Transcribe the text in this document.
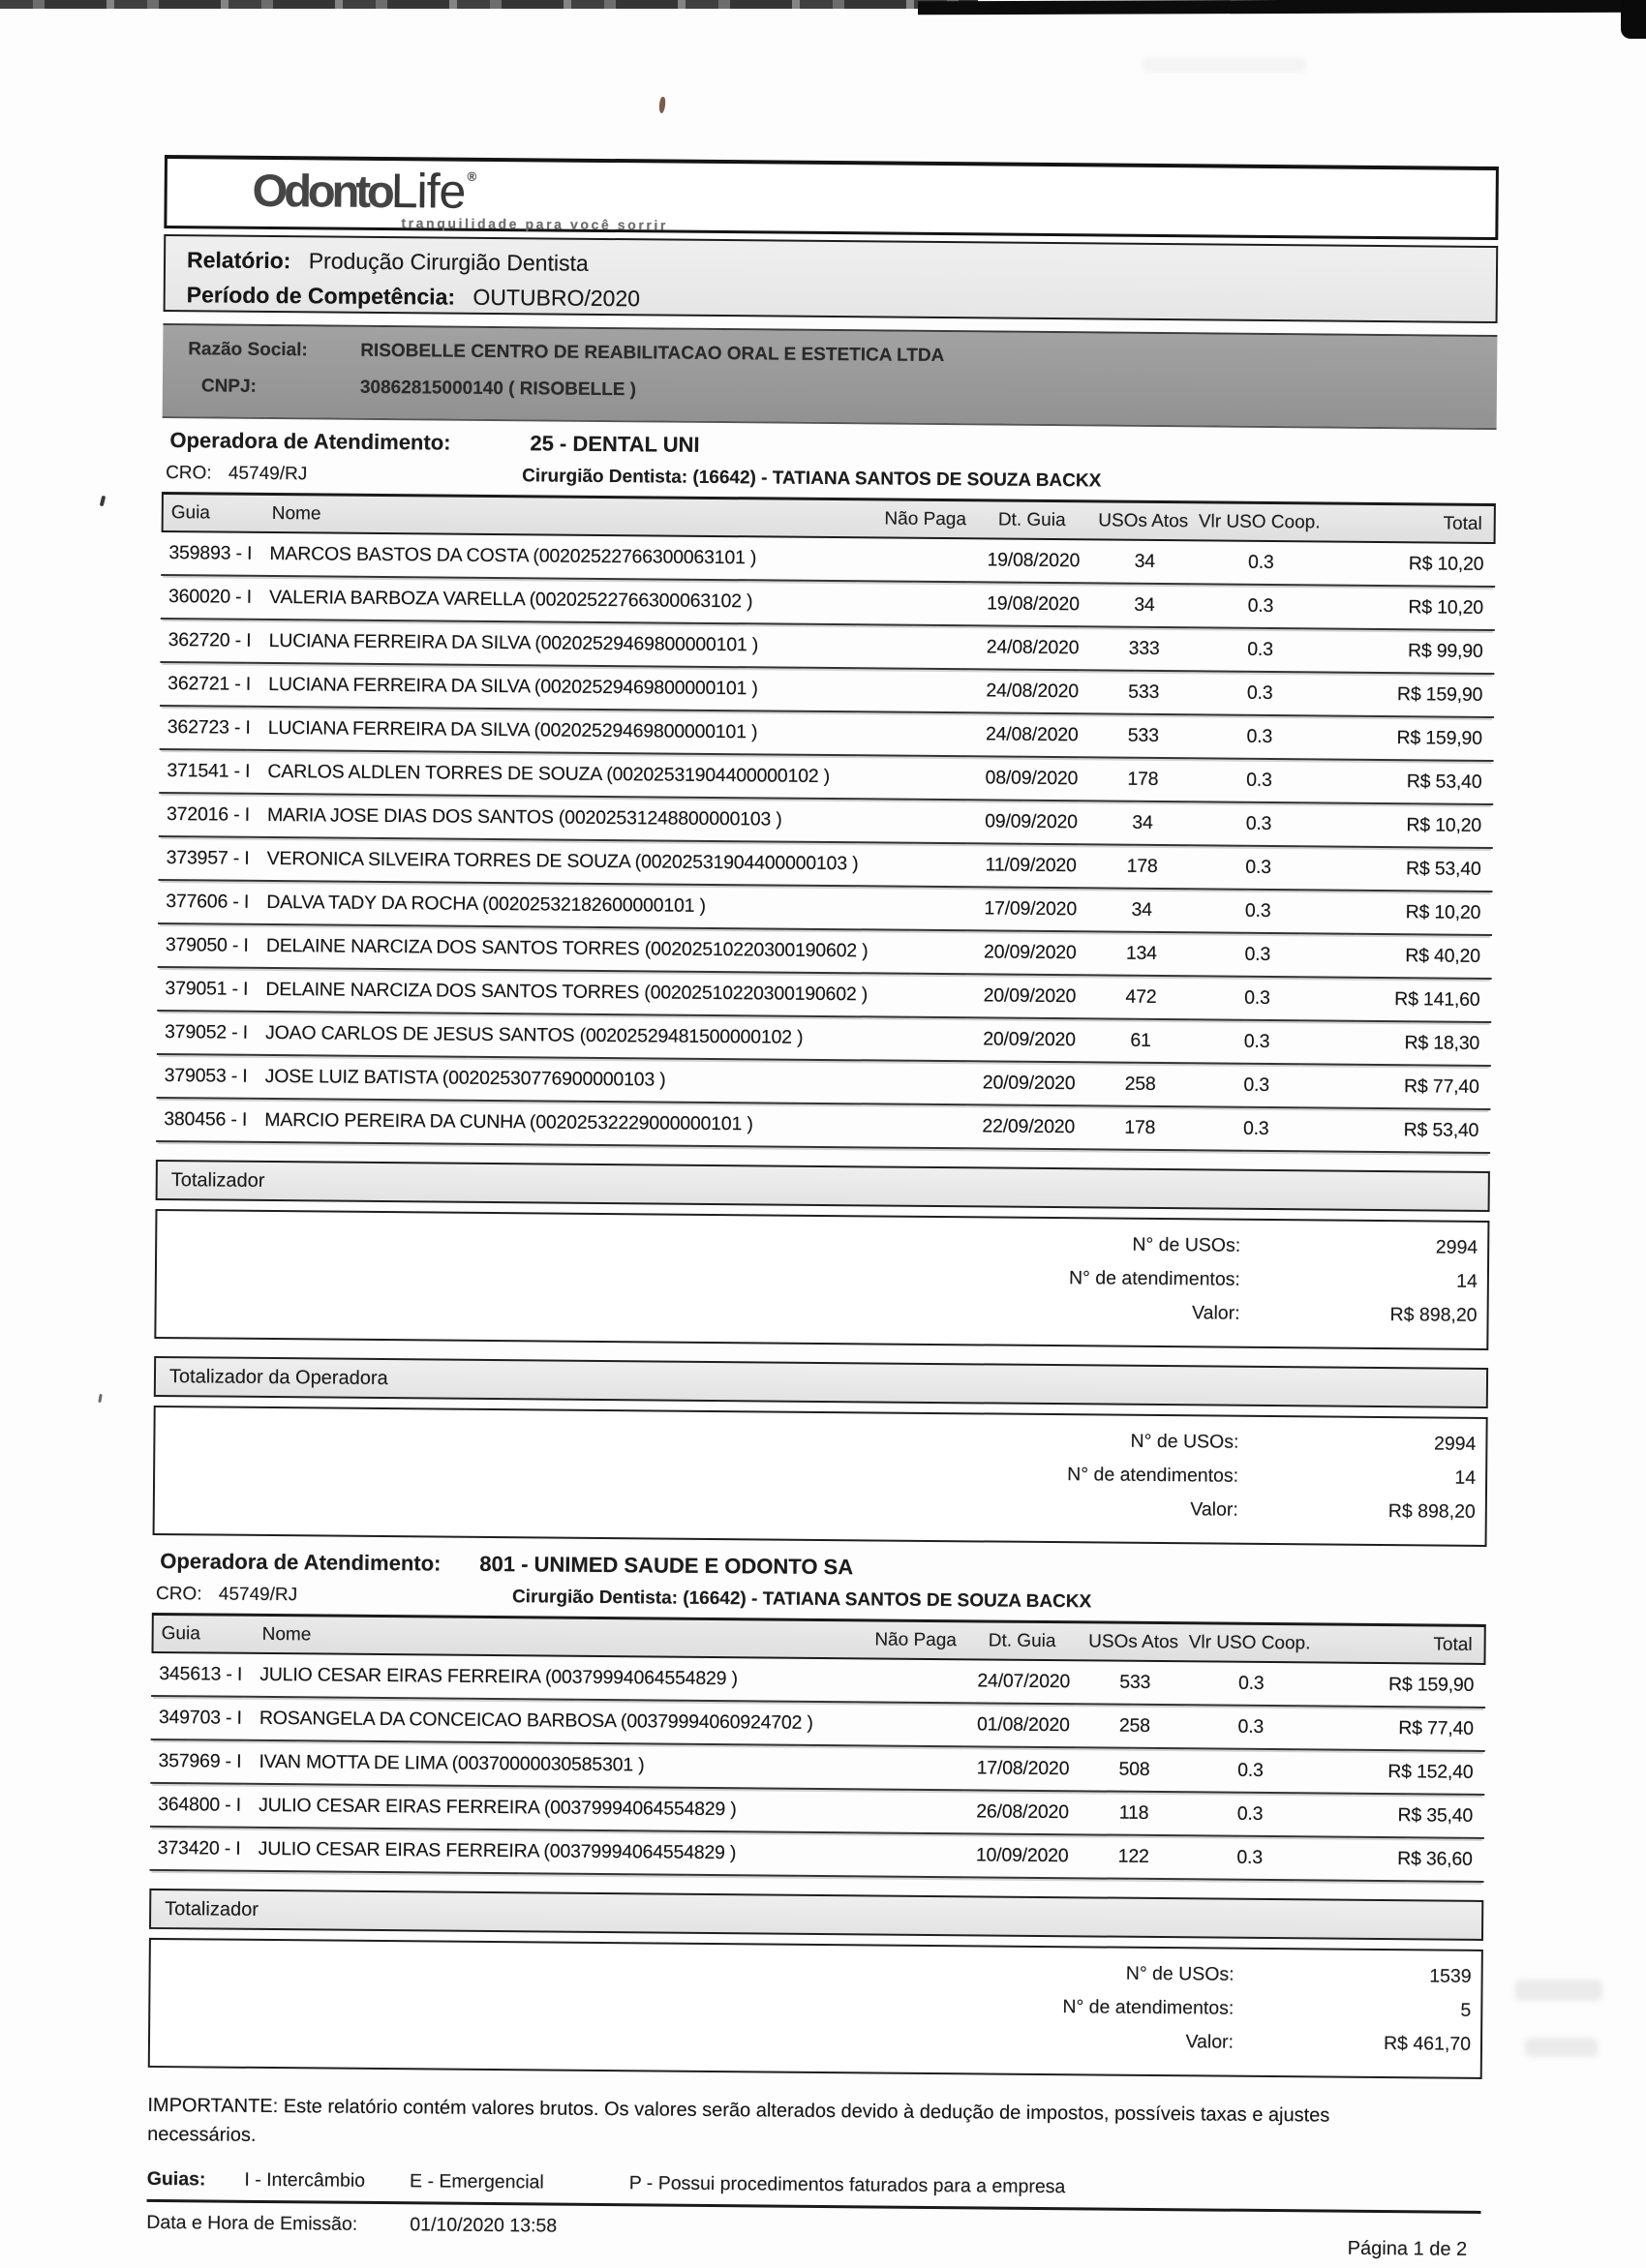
OdontoLife ®
tranquilidade para você sorrir
Relatório: Produção Cirurgião Dentista
Período de Competência: OUTUBRO/2020
Razão Social:	RISOBELLE CENTRO DE REABILITACAO ORAL E ESTETICA LTDA
CNPJ:	30862815000140 ( RISOBELLE )
Operadora de Atendimento:	25 - DENTAL UNI
CRO: 45749/RJ	Cirurgião Dentista: (16642) - TATIANA SANTOS DE SOUZA BACKX
Guia	Nome	Não Paga	Dt. Guia	USOs Atos Vlr USO Coop.	Total
359893 - I MARCOS BASTOS DA COSTA (00202522766300063101 )	19/08/2020	34	0.3	R$ 10,20
360020 - I VALERIA BARBOZA VARELLA (00202522766300063102 )	19/08/2020	34	0.3	R$ 10,20
362720 - I LUCIANA FERREIRA DA SILVA (00202529469800000101 )	24/08/2020	333	0.3	R$ 99,90
362721 - I LUCIANA FERREIRA DA SILVA (00202529469800000101 )	24/08/2020	533	0.3	R$ 159,90
362723 - I LUCIANA FERREIRA DA SILVA (00202529469800000101 )	24/08/2020	533	0.3	R$ 159,90
371541 - I CARLOS ALDLEN TORRES DE SOUZA (00202531904400000102 )	08/09/2020	178	0.3	R$ 53,40
372016 - I MARIA JOSE DIAS DOS SANTOS (00202531248800000103 )	09/09/2020	34	0.3	R$ 10,20
373957 - I VERONICA SILVEIRA TORRES DE SOUZA (00202531904400000103 )	11/09/2020	178	0.3	R$ 53,40
377606 - I DALVA TADY DA ROCHA (00202532182600000101 )	17/09/2020	34	0.3	R$ 10,20
379050 - I DELAINE NARCIZA DOS SANTOS TORRES (00202510220300190602 )	20/09/2020	134	0.3	R$ 40,20
379051 - I DELAINE NARCIZA DOS SANTOS TORRES (00202510220300190602 )	20/09/2020	472	0.3	R$ 141,60
379052 - I JOAO CARLOS DE JESUS SANTOS (00202529481500000102 )	20/09/2020	61	0.3	R$ 18,30
379053 - I JOSE LUIZ BATISTA (00202530776900000103 )	20/09/2020	258	0.3	R$ 77,40
380456 - I MARCIO PEREIRA DA CUNHA (00202532229000000101 )	22/09/2020	178	0.3	R$ 53,40
Totalizador
N° de USOs:	2994
N° de atendimentos:	14
Valor:	R$ 898,20
Totalizador da Operadora
N° de USOs:	2994
N° de atendimentos:	14
Valor:	R$ 898,20
Operadora de Atendimento:	801 - UNIMED SAUDE E ODONTO SA
CRO: 45749/RJ	Cirurgião Dentista: (16642) - TATIANA SANTOS DE SOUZA BACKX
Guia	Nome	Não Paga	Dt. Guia	USOs Atos Vlr USO Coop.	Total
345613 - I JULIO CESAR EIRAS FERREIRA (00379994064554829 )	24/07/2020	533	0.3	R$ 159,90
349703 - I ROSANGELA DA CONCEICAO BARBOSA (00379994060924702 )	01/08/2020	258	0.3	R$ 77,40
357969 - I IVAN MOTTA DE LIMA (00370000030585301 )	17/08/2020	508	0.3	R$ 152,40
364800 - I JULIO CESAR EIRAS FERREIRA (00379994064554829 )	26/08/2020	118	0.3	R$ 35,40
373420 - I JULIO CESAR EIRAS FERREIRA (00379994064554829 )	10/09/2020	122	0.3	R$ 36,60
Totalizador
N° de USOs:	1539
N° de atendimentos:	5
Valor:	R$ 461,70
IMPORTANTE: Este relatório contém valores brutos. Os valores serão alterados devido à dedução de impostos, possíveis taxas e ajustes necessários.
Guias: I - Intercâmbio E - Emergencial	P - Possui procedimentos faturados para a empresa
Data e Hora de Emissão:	01/10/2020 13:58
Página 1 de 2
